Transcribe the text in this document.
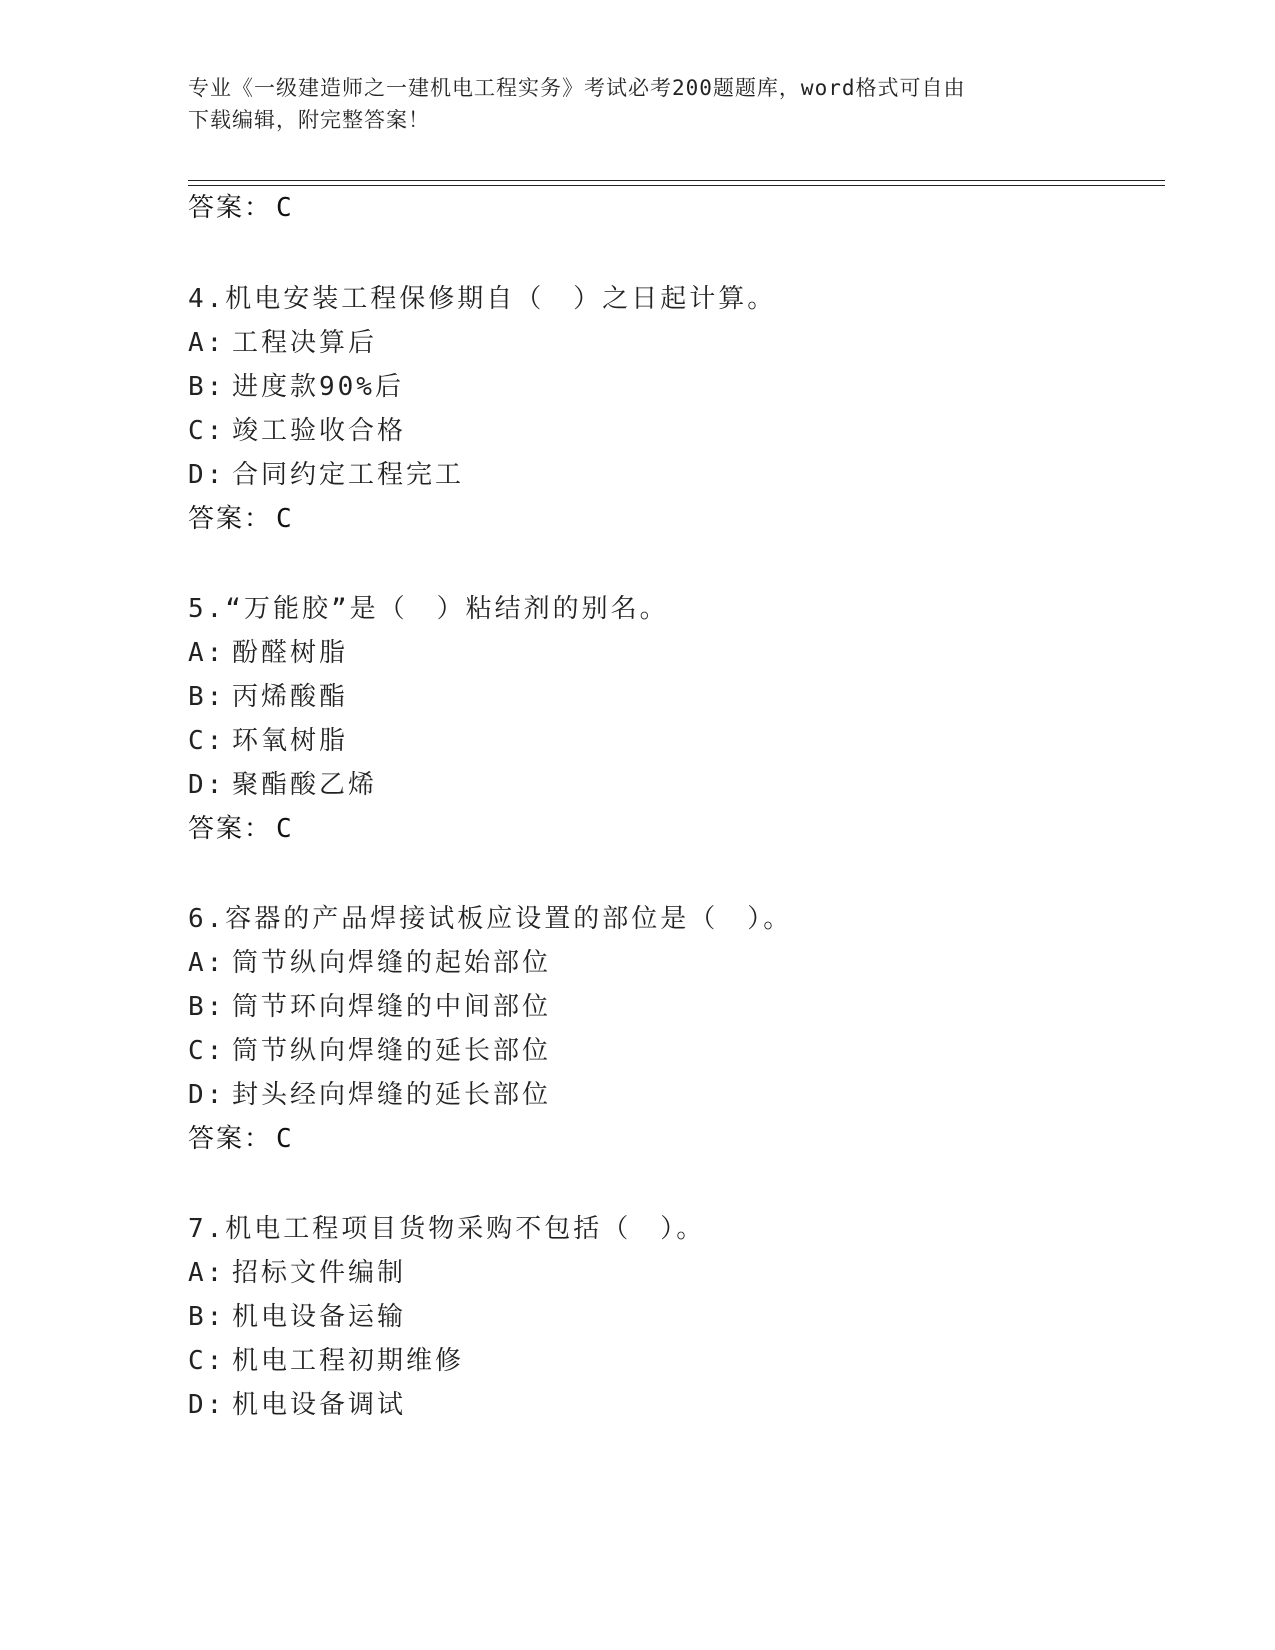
专业《一级建造师之一建机电工程实务》考试必考200题题库，word格式可自由
下载编辑，附完整答案！
答案： C
4.机电安装工程保修期自（　）之日起计算。
A: 工程决算后
B: 进度款90%后
C: 竣工验收合格
D: 合同约定工程完工
答案： C
5.“万能胶”是（　）粘结剂的别名。
A: 酚醛树脂
B: 丙烯酸酯
C: 环氧树脂
D: 聚酯酸乙烯
答案： C
6.容器的产品焊接试板应设置的部位是（　）。
A: 筒节纵向焊缝的起始部位
B: 筒节环向焊缝的中间部位
C: 筒节纵向焊缝的延长部位
D: 封头经向焊缝的延长部位
答案： C
7.机电工程项目货物采购不包括（　）。
A: 招标文件编制
B: 机电设备运输
C: 机电工程初期维修
D: 机电设备调试
